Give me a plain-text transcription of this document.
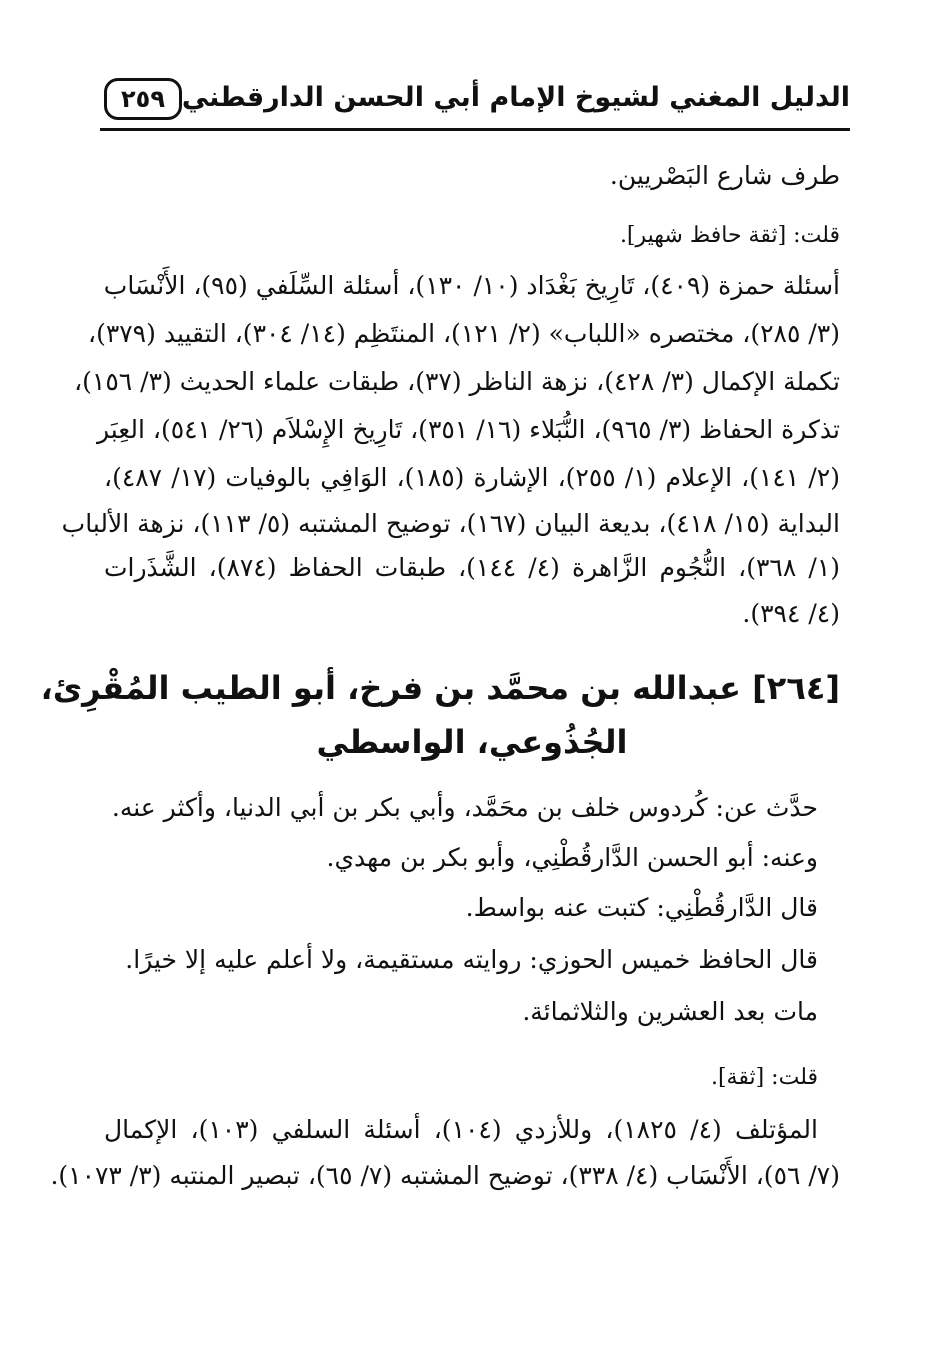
الدليل المغني لشيوخ الإمام أبي الحسن الدارقطني
٢٥٩
طرف شارع البَصْريين.
قلت: [ثقة حافظ شهير].
أسئلة حمزة (٤٠٩)، تَارِيخ بَغْدَاد (١٠/ ١٣٠)، أسئلة السِّلَفي (٩٥)، الأَنْسَاب
(٣/ ٢٨٥)، مختصره «اللباب» (٢/ ١٢١)، المنتَظِم (١٤/ ٣٠٤)، التقييد (٣٧٩)،
تكملة الإكمال (٣/ ٤٢٨)، نزهة الناظر (٣٧)، طبقات علماء الحديث (٣/ ١٥٦)،
تذكرة الحفاظ (٣/ ٩٦٥)، النُّبَلاء (١٦/ ٣٥١)، تَارِيخ الإِسْلاَم (٢٦/ ٥٤١)، العِبَر
(٢/ ١٤١)، الإعلام (١/ ٢٥٥)، الإشارة (١٨٥)، الوَافِي بالوفيات (١٧/ ٤٨٧)،
البداية (١٥/ ٤١٨)، بديعة البيان (١٦٧)، توضيح المشتبه (٥/ ١١٣)، نزهة الألباب
(١/ ٣٦٨)، النُّجُوم الزَّاهرة (٤/ ١٤٤)، طبقات الحفاظ (٨٧٤)، الشَّذَرات
(٤/ ٣٩٤).
[٢٦٤] عبدالله بن محمَّد بن فرخ، أبو الطيب المُقْرِئ،
الجُذُوعي، الواسطي
حدَّث عن: كُردوس خلف بن محَمَّد، وأبي بكر بن أبي الدنيا، وأكثر عنه.
وعنه: أبو الحسن الدَّارقُطْنِي، وأبو بكر بن مهدي.
قال الدَّارقُطْنِي: كتبت عنه بواسط.
قال الحافظ خميس الحوزي: روايته مستقيمة، ولا أعلم عليه إلا خيرًا.
مات بعد العشرين والثلاثمائة.
قلت: [ثقة].
المؤتلف (٤/ ١٨٢٥)، وللأزدي (١٠٤)، أسئلة السلفي (١٠٣)، الإكمال
(٧/ ٥٦)، الأَنْسَاب (٤/ ٣٣٨)، توضيح المشتبه (٧/ ٦٥)، تبصير المنتبه (٣/ ١٠٧٣).
